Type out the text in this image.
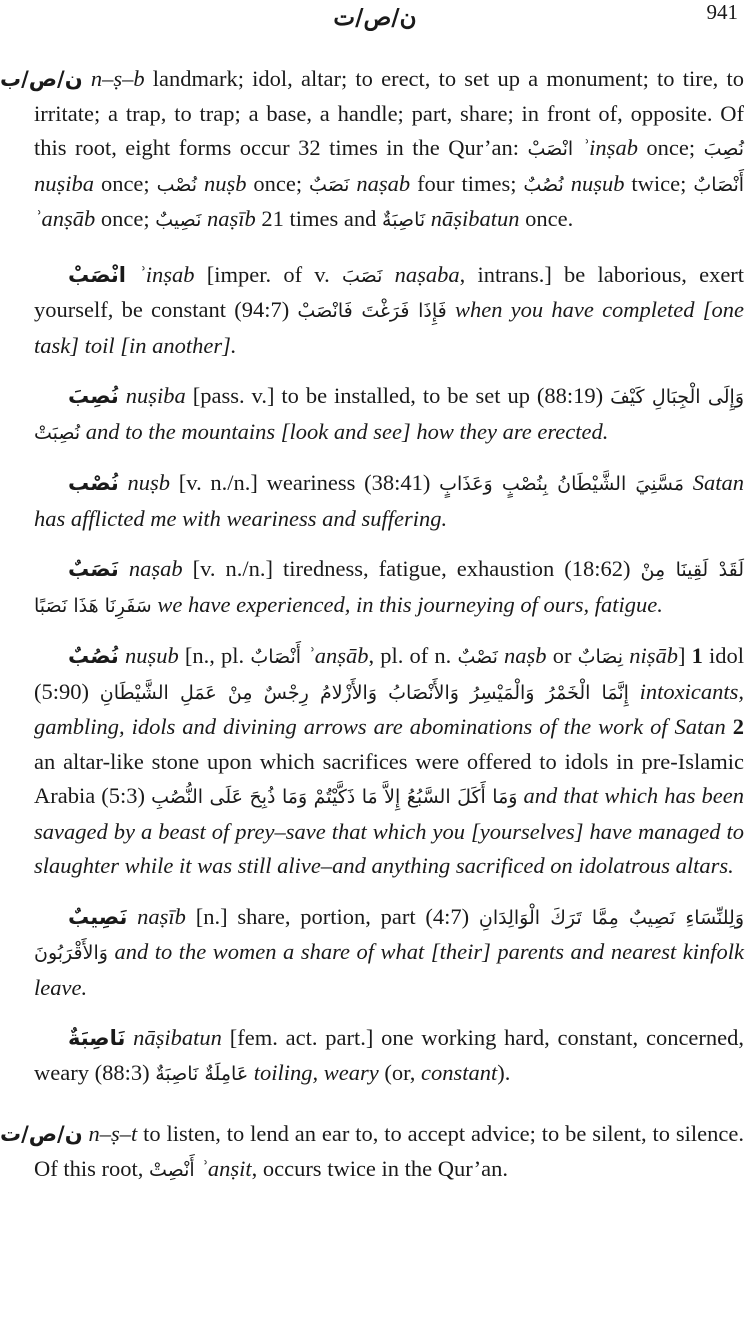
ن/ص/ت	941

ن/ص/ب n–ṣ–b landmark; idol, altar; to erect, to set up a monument; to tire, to irritate; a trap, to trap; a base, a handle; part, share; in front of, opposite. Of this root, eight forms occur 32 times in the Qur’an: انْصَبْ ʾinṣab once; نُصِبَ nuṣiba once; نُصْب nuṣb once; نَصَبٌ naṣab four times; نُصُبٌ nuṣub twice; أَنْصَابٌ ʾanṣāb once; نَصِيبٌ naṣīb 21 times and نَاصِبَةٌ nāṣibatun once.

انْصَبْ ʾinṣab [imper. of v. نَصَبَ naṣaba, intrans.] be laborious, exert yourself, be constant (94:7) فَإِذَا فَرَغْتَ فَانْصَبْ when you have completed [one task] toil [in another].

نُصِبَ nuṣiba [pass. v.] to be installed, to be set up (88:19) وَإِلَى الْجِبَالِ كَيْفَ نُصِبَتْ and to the mountains [look and see] how they are erected.

نُصْب nuṣb [v. n./n.] weariness (38:41) مَسَّنِيَ الشَّيْطَانُ بِنُصْبٍ وَعَذَابٍ Satan has afflicted me with weariness and suffering.

نَصَبٌ naṣab [v. n./n.] tiredness, fatigue, exhaustion (18:62) لَقَدْ لَقِينَا مِنْ سَفَرِنَا هَذَا نَصَبًا we have experienced, in this journeying of ours, fatigue.

نُصُبٌ nuṣub [n., pl. أَنْصَابٌ ʾanṣāb, pl. of n. نَصْبٌ naṣb or نِصَابٌ niṣāb] 1 idol (5:90) إِنَّمَا الْخَمْرُ وَالْمَيْسِرُ وَالأَنْصَابُ وَالأَزْلامُ رِجْسٌ مِنْ عَمَلِ الشَّيْطَانِ intoxicants, gambling, idols and divining arrows are abominations of the work of Satan 2 an altar-like stone upon which sacrifices were offered to idols in pre-Islamic Arabia (5:3) وَمَا أَكَلَ السَّبُعُ إِلاَّ مَا ذَكَّيْتُمْ وَمَا ذُبِحَ عَلَى النُّصُبِ and that which has been savaged by a beast of prey–save that which you [yourselves] have managed to slaughter while it was still alive–and anything sacrificed on idolatrous altars.

نَصِيبٌ naṣīb [n.] share, portion, part (4:7) وَلِلنِّسَاءِ نَصِيبٌ مِمَّا تَرَكَ الْوَالِدَانِ وَالأَقْرَبُونَ and to the women a share of what [their] parents and nearest kinfolk leave.

نَاصِبَةٌ nāṣibatun [fem. act. part.] one working hard, constant, concerned, weary (88:3) عَامِلَةٌ نَاصِبَةٌ toiling, weary (or, constant).

ن/ص/ت n–ṣ–t to listen, to lend an ear to, to accept advice; to be silent, to silence. Of this root, أَنْصِتْ ʾanṣit, occurs twice in the Qur’an.
